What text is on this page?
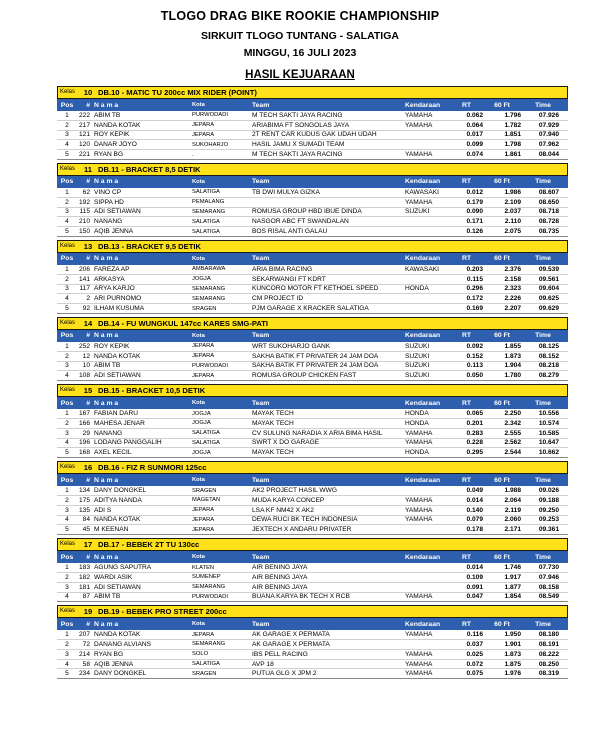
TLOGO DRAG BIKE ROOKIE CHAMPIONSHIP
SIRKUIT TLOGO TUNTANG - SALATIGA
MINGGU, 16 JULI 2023
HASIL KEJUARAAN
Kelas	10 DB.10 - MATIC TU 200cc MIX RIDER (POINT)
Pos	# N a m a	Kota	Team	Kendaraan	RT	60 Ft	Time
1	222 ABIM TB	PURWODADI	M TECH SAKTI JAYA RACING	YAMAHA	0.062	1.796	07.926
2	217 NANDA KOTAK	JEPARA	ARIABIMA FT SONGOLAS JAYA	YAMAHA	0.064	1.782	07.929
3	121 ROY KEPIK	JEPARA	2T RENT CAR KUDUS GAK UDAH UDAH	0.017	1.851	07.940
4	120 DANAR JOYO	SUKOHARJO	HASIL JAMU X SUMADI TEAM	0.099	1.798	07.962
5	221 RYAN BG	.	M TECH SAKTI JAYA RACING	YAMAHA	0.074	1.861	08.044
Kelas	11 DB.11 - BRACKET 8,5 DETIK
Pos	# N a m a	Kota	Team	Kendaraan	RT	60 Ft	Time
1	62 VINO CP	SALATIGA	TB DWI MULYA GIZKA	KAWASAKI	0.012	1.986	08.607
2	192 SIPPA HD	PEMALANG	YAMAHA	0.179	2.109	08.650
3	115 ADI SETIAWAN	SEMARANG	ROMUSA GROUP HBD IBUE DINDA	SUZUKI	0.090	2.037	08.718
4	210 NANANG	SALATIGA	NASGOR ABC FT SWANDALAN	0.171	2.110	08.728
5	150 AQIB JENNA	SALATIGA	BOS RISAL ANTI GALAU	0.126	2.075	08.735
Kelas	13 DB.13 - BRACKET 9,5 DETIK
Pos	# N a m a	Kota	Team	Kendaraan	RT	60 Ft	Time
1	206 FAREZA AP	AMBARAWA	ARIA BIMA RACING	KAWASAKI	0.203	2.376	09.539
2	141 ARKASYA	JOGJA	SEKARWANGI FT KDRT	0.115	2.158	09.561
3	117 ARYA KARJO	SEMARANG	KUNCORO MOTOR FT KETHOEL SPEED	HONDA	0.296	2.323	09.604
4	2 ARI PURNOMO	SEMARANG	CM PROJECT ID	0.172	2.226	09.625
5	92 ILHAM KUSUMA	SRAGEN	PJM GARAGE X KRACKER SALATIGA	0.169	2.207	09.629
Kelas	14 DB.14 - FU WUNGKUL 147cc KARES SMG-PATI
Pos	# N a m a	Kota	Team	Kendaraan	RT	60 Ft	Time
1	252 ROY KEPIK	JEPARA	WRT SUKOHARJO GANK	SUZUKI	0.092	1.855	08.125
2	12 NANDA KOTAK	JEPARA	SAKHA BATIK FT PRIVATER 24 JAM DOA	SUZUKI	0.152	1.873	08.152
3	10 ABIM TB	PURWODADI	SAKHA BATIK FT PRIVATER 24 JAM DOA	SUZUKI	0.113	1.904	08.218
4	108 ADI SETIAWAN	JEPARA	ROMUSA GROUP CHICKEN FAST	SUZUKI	0.050	1.780	08.279
Kelas	15 DB.15 - BRACKET 10,5 DETIK
Pos	# N a m a	Kota	Team	Kendaraan	RT	60 Ft	Time
1	167 FABIAN DARU	JOGJA	MAYAK TECH	HONDA	0.065	2.250	10.556
2	166 MAHESA JENAR	JOGJA	MAYAK TECH	HONDA	0.201	2.342	10.574
3	29 NANANG	SALATIGA	CV SULUNG NARADIA X ARIA BIMA HASIL	YAMAHA	0.283	2.555	10.585
4	196 LODANG PANGGALIH	SALATIGA	SWRT X DO GARAGE	YAMAHA	0.228	2.562	10.647
5	168 AXEL KECIL	JOGJA	MAYAK TECH	HONDA	0.295	2.544	10.662
Kelas	16 DB.16 - FIZ R SUNMORI 125cc
Pos	# N a m a	Kota	Team	Kendaraan	RT	60 Ft	Time
1	134 DANY DONGKEL	SRAGEN	AK2 PROJECT HASIL WWG	0.049	1.988	09.026
2	175 ADITYA NANDA	MAGETAN	MUDA KARYA CONCEP	YAMAHA	0.014	2.064	09.188
3	135 ADI S	JEPARA	LSA KF NM42 X AK2	YAMAHA	0.140	2.119	09.250
4	84 NANDA KOTAK	JEPARA	DEWA RUCI BK TECH INDONESIA	YAMAHA	0.079	2.060	09.253
5	45 M KEENAN	JEPARA	JEXTECH X ANDARU PRIVATER	0.178	2.171	09.361
Kelas	17 DB.17 - BEBEK 2T TU 130cc
Pos	# N a m a	Kota	Team	Kendaraan	RT	60 Ft	Time
1	183 AGUNG SAPUTRA	KLATEN	AIR BENING JAYA	0.014	1.746	07.730
2	182 WARDI ASIK	SUMENEP	AIR BENING JAYA	0.109	1.917	07.946
3	181 ADI SETIAWAN	SEMARANG	AIR BENING JAYA	0.091	1.877	08.158
4	87 ABIM TB	PURWODADI	BUANA KARYA BK TECH X RCB	YAMAHA	0.047	1.854	08.549
Kelas	19 DB.19 - BEBEK PRO STREET 200cc
Pos	# N a m a	Kota	Team	Kendaraan	RT	60 Ft	Time
1	207 NANDA KOTAK	JEPARA	AK GARAGE X PERMATA	YAMAHA	0.116	1.950	08.180
2	72 DANANG ALVIANS	SEMARANG	AK GARAGE X PERMATA	0.037	1.901	08.191
3	214 RYAN BG	SOLO	IBS PELL RACING	YAMAHA	0.025	1.873	08.222
4	58 AQIB JENNA	SALATIGA	AVP 18	YAMAHA	0.072	1.875	08.250
5	234 DANY DONGKEL	SRAGEN	PUTUA GLG X JPM 2	YAMAHA	0.075	1.976	08.319
